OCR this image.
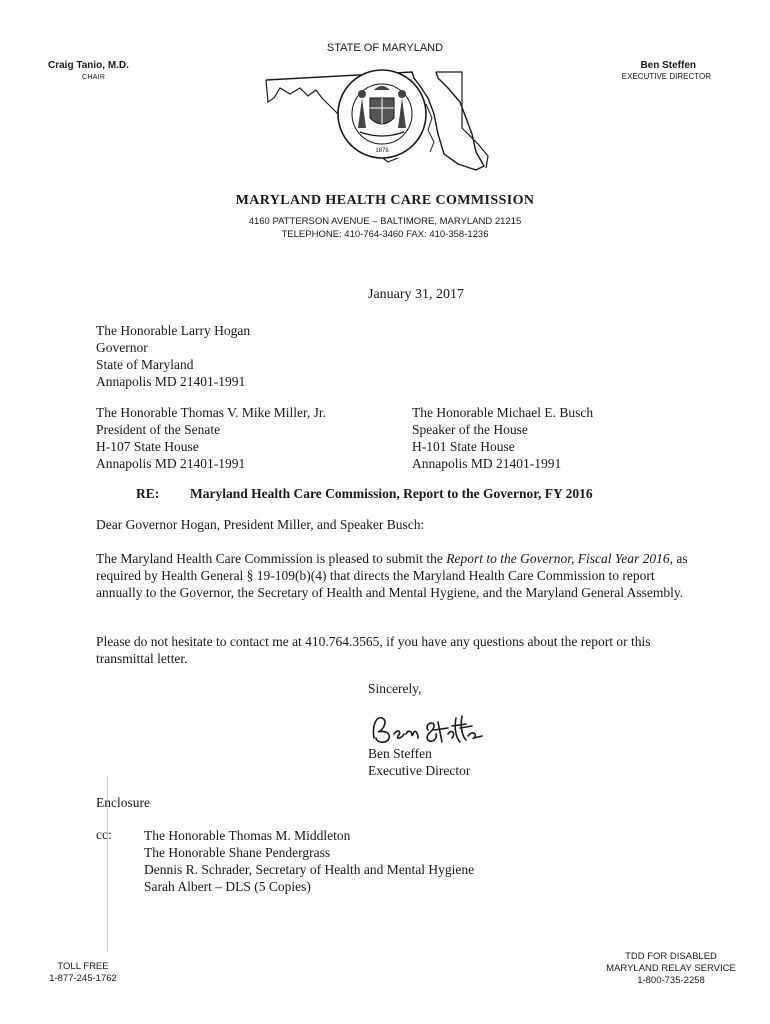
STATE OF MARYLAND
Craig Tanio, M.D.
CHAIR
Ben Steffen
EXECUTIVE DIRECTOR
1876
MARYLAND HEALTH CARE COMMISSION
4160 PATTERSON AVENUE – BALTIMORE, MARYLAND 21215
TELEPHONE: 410-764-3460 FAX: 410-358-1236
January 31, 2017
The Honorable Larry Hogan
Governor
State of Maryland
Annapolis MD 21401-1991
The Honorable Thomas V. Mike Miller, Jr.
President of the Senate
H-107 State House
Annapolis MD 21401-1991
The Honorable Michael E. Busch
Speaker of the House
H-101 State House
Annapolis MD 21401-1991
RE: Maryland Health Care Commission, Report to the Governor, FY 2016
Dear Governor Hogan, President Miller, and Speaker Busch:
The Maryland Health Care Commission is pleased to submit the Report to the Governor, Fiscal Year 2016, as required by Health General § 19-109(b)(4) that directs the Maryland Health Care Commission to report annually to the Governor, the Secretary of Health and Mental Hygiene, and the Maryland General Assembly.
Please do not hesitate to contact me at 410.764.3565, if you have any questions about the report or this transmittal letter.
Sincerely,
Ben Steffen
Executive Director
Enclosure
cc: The Honorable Thomas M. Middleton
The Honorable Shane Pendergrass
Dennis R. Schrader, Secretary of Health and Mental Hygiene
Sarah Albert – DLS (5 Copies)
TOLL FREE
1-877-245-1762
TDD FOR DISABLED
MARYLAND RELAY SERVICE
1-800-735-2258
